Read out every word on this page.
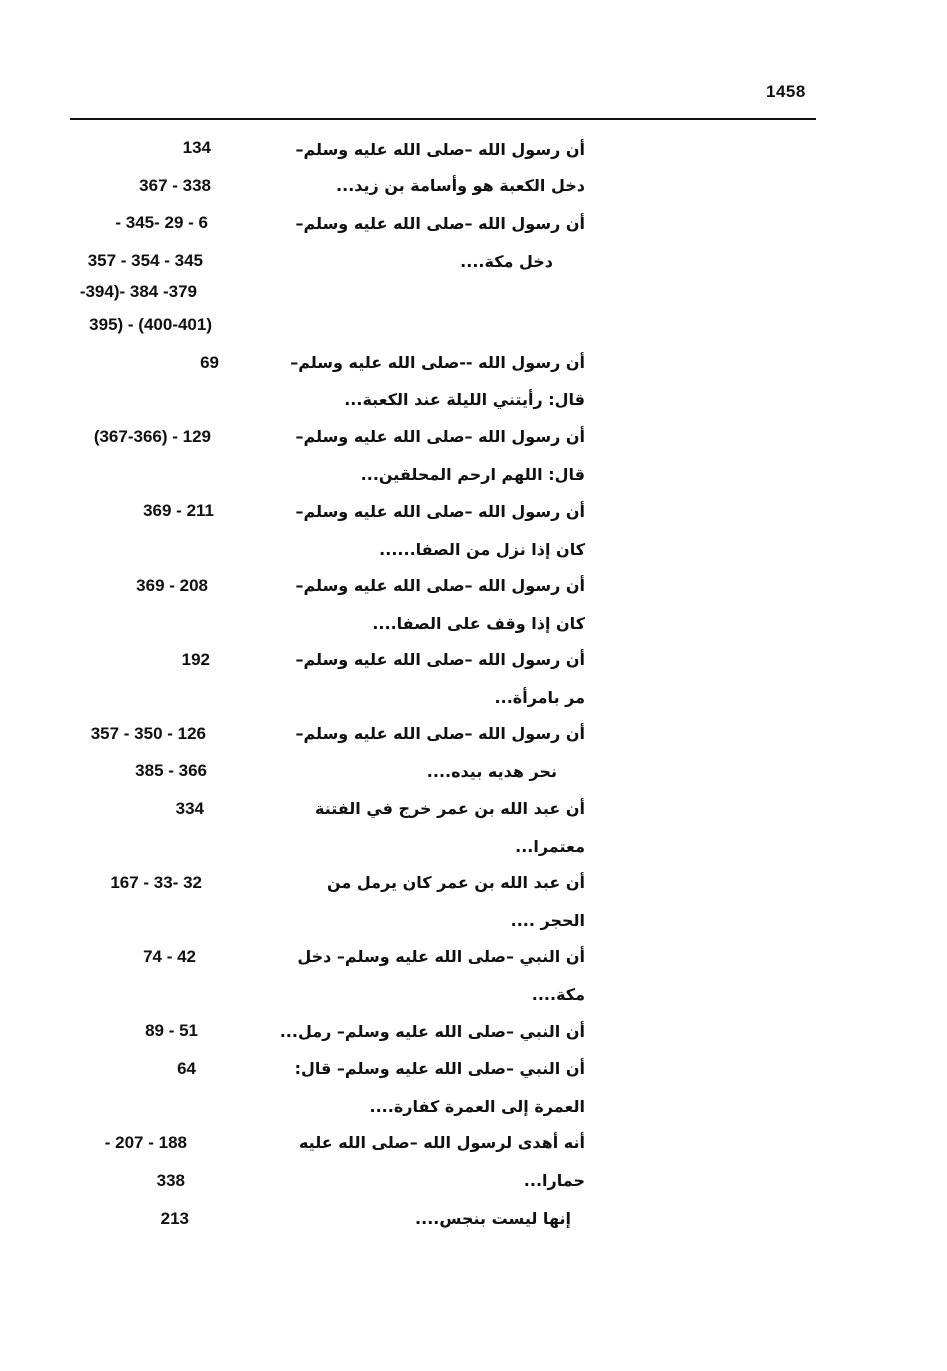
1458
أن رسول الله –صلى الله عليه وسلم–
دخل الكعبة هو وأسامة بن زيد...
134
367 - 338
أن رسول الله –صلى الله عليه وسلم–
دخل مكة....
- 345- 29 - 6
357 - 354 - 345
-394)- 384 -379
395) - (400-401)
أن رسول الله --صلى الله عليه وسلم–
قال: رأيتني الليلة عند الكعبة...
69
أن رسول الله –صلى الله عليه وسلم–
قال: اللهم ارحم المحلقين...
(367-366) - 129
أن رسول الله –صلى الله عليه وسلم–
كان إذا نزل من الصفا......
369 - 211
أن رسول الله –صلى الله عليه وسلم–
كان إذا وقف على الصفا....
369 - 208
أن رسول الله –صلى الله عليه وسلم–
مر بامرأة...
192
أن رسول الله –صلى الله عليه وسلم–
نحر هديه بيده....
357 - 350 - 126
385 - 366
أن عبد الله بن عمر خرج في الفتنة
معتمرا...
334
أن عبد الله بن عمر كان يرمل من
الحجر ....
167 - 33- 32
أن النبي –صلى الله عليه وسلم– دخل
مكة....
74 - 42
أن النبي –صلى الله عليه وسلم– رمل...
89 - 51
أن النبي –صلى الله عليه وسلم– قال:
العمرة إلى العمرة كفارة....
64
أنه أهدى لرسول الله –صلى الله عليه
حمارا...
- 207 - 188
338
إنها ليست بنجس....
213
